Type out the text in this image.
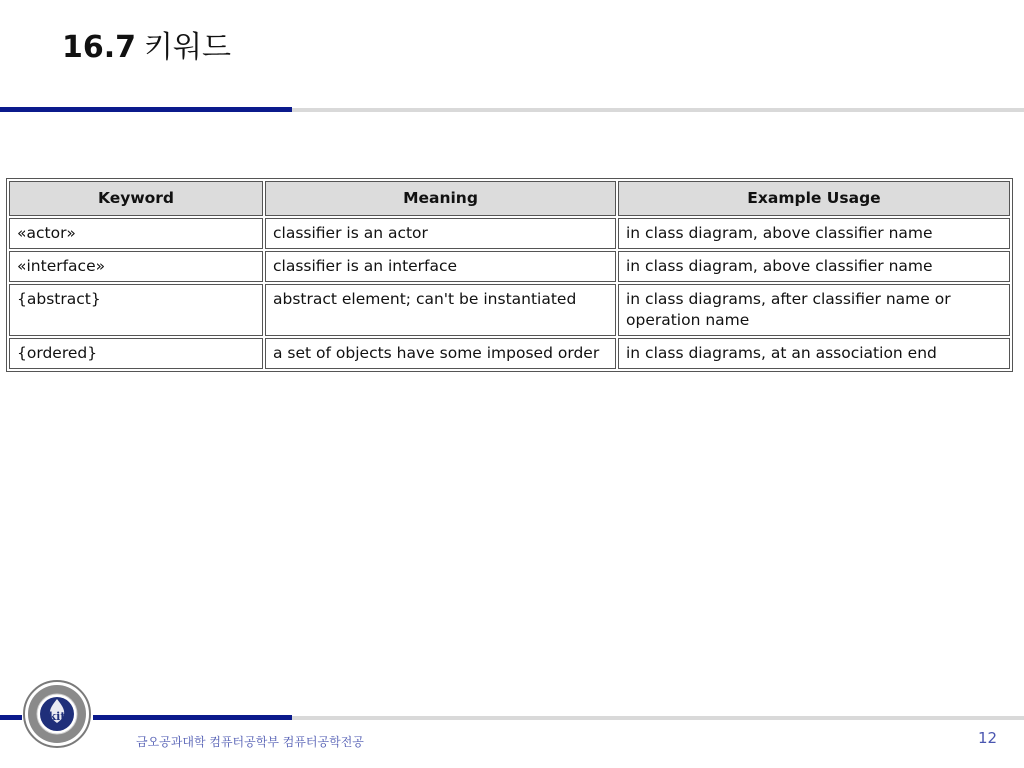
16.7 키워드
Keyword	Meaning	Example Usage
«actor»	classifier is an actor	in class diagram, above classifier name
«interface»	classifier is an interface	in class diagram, above classifier name
{abstract}	abstract element; can't be instantiated	in class diagrams, after classifier name or operation name
{ordered}	a set of objects have some imposed order	in class diagrams, at an association end
kit
금오공과대학 컴퓨터공학부 컴퓨터공학전공	12
